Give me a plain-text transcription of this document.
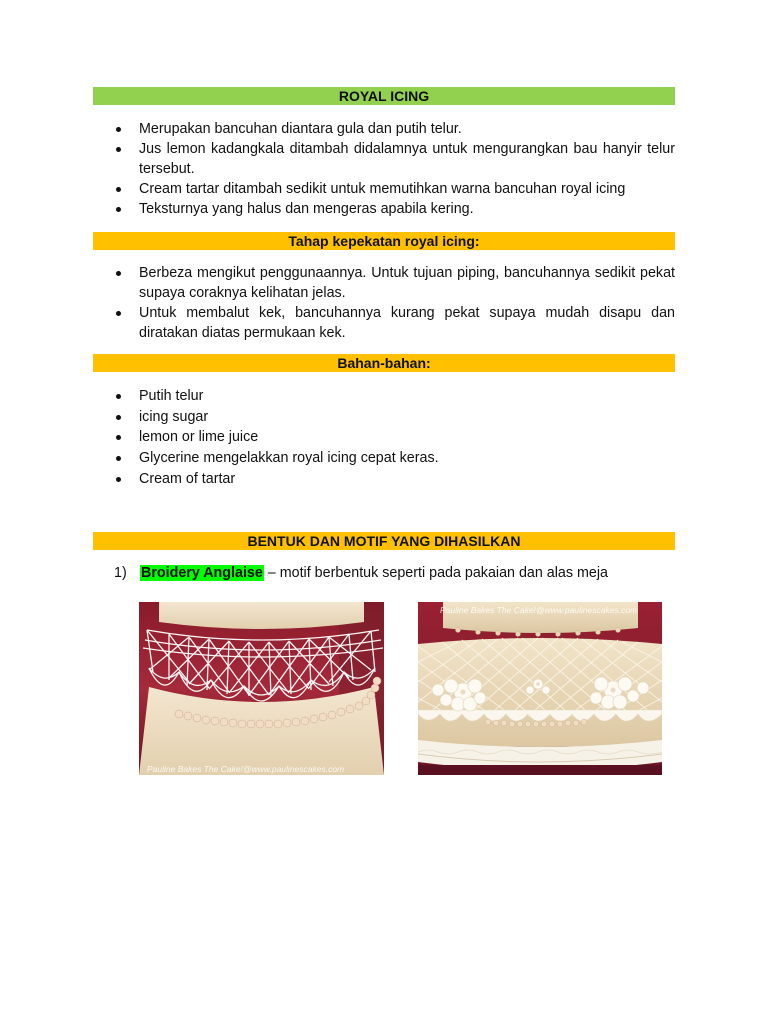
ROYAL ICING
Merupakan bancuhan diantara gula dan putih telur.
Jus lemon kadangkala ditambah didalamnya untuk mengurangkan bau hanyir telur tersebut.
Cream tartar ditambah sedikit untuk memutihkan warna bancuhan royal icing
Teksturnya yang halus dan mengeras apabila kering.
Tahap kepekatan royal icing:
Berbeza mengikut penggunaannya. Untuk tujuan piping, bancuhannya sedikit pekat supaya coraknya kelihatan jelas.
Untuk membalut kek, bancuhannya kurang pekat supaya mudah disapu dan diratakan diatas permukaan kek.
Bahan-bahan:
Putih telur
icing sugar
lemon or lime juice
Glycerine mengelakkan royal icing cepat keras.
Cream of tartar
BENTUK DAN MOTIF YANG DIHASILKAN
1) Broidery Anglaise – motif berbentuk seperti pada pakaian dan alas meja
Pauline Bakes The Cake!@www.paulinescakes.com
Pauline Bakes The Cake!@www.paulinescakes.com
